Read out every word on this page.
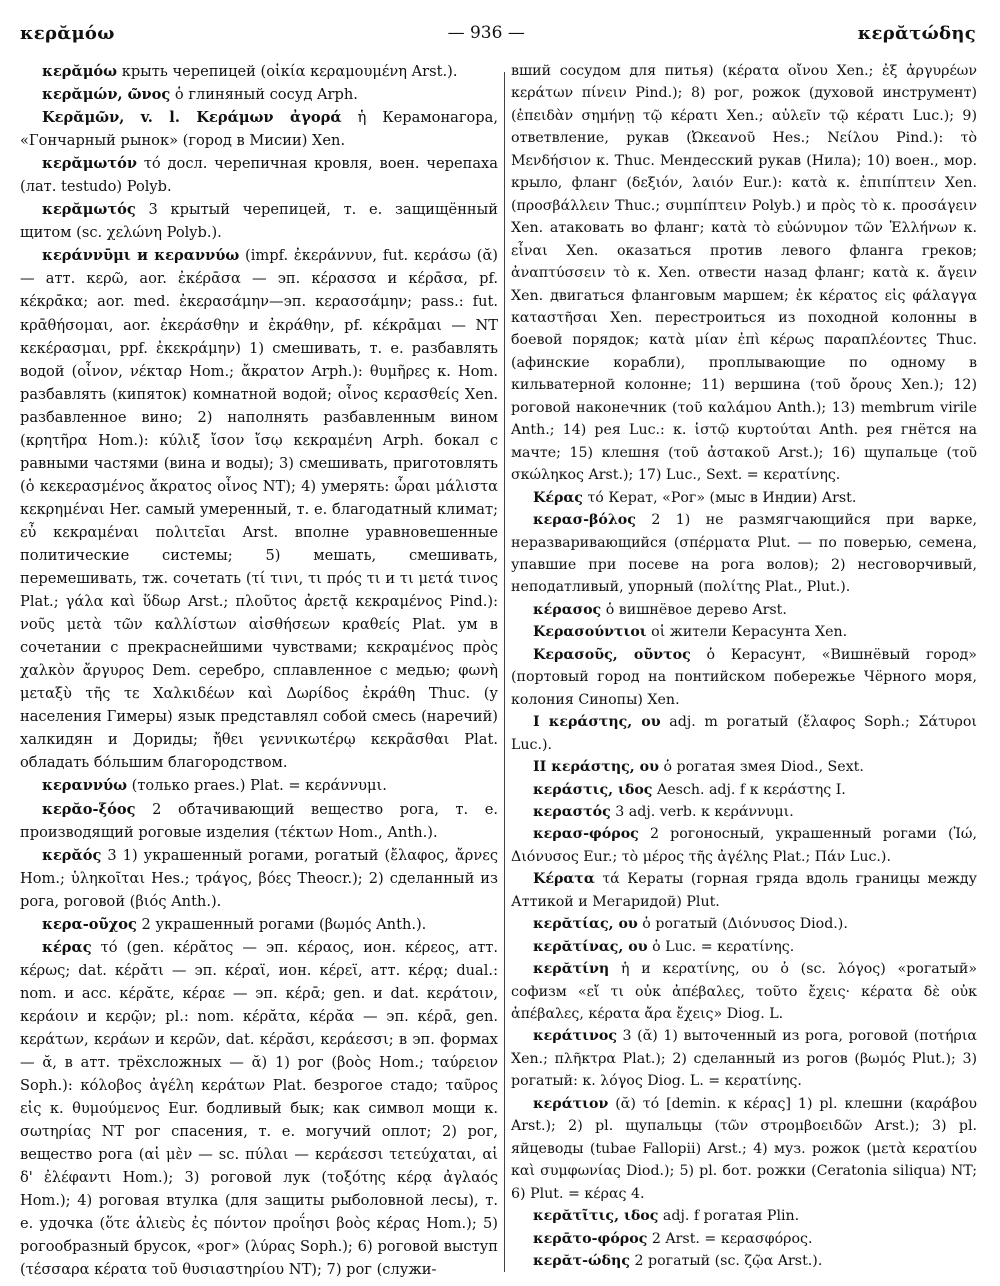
κερᾰμόω	— 936 —	κερᾰτώδης

κερᾰμόω крыть черепицей (οἰκία κεραμουμένη Arst.).

κερᾰμών, ῶνος ὁ глиняный сосуд Arph.

Κερᾰμῶν, v. l. Κεράμων ἀγορά ἡ Керамонагора, «Гончарный рынок» (город в Мисии) Xen.

κερᾰμωτόν τό досл. черепичная кровля, воен. черепаха (лат. testudo) Polyb.

κερᾰμωτός 3 крытый черепицей, т. е. защищённый щитом (sc. χελώνη Polyb.).

κεράννῡμι и κεραννύω (impf. ἐκεράννυν, fut. κεράσω (ᾰ) — атт. κερῶ, aor. ἐκέρᾱσα — эп. κέρασσα и κέρᾱσα, pf. κέκρᾱκα; aor. med. ἐκερασάμην—эп. κερασσάμην; pass.: fut. κρᾱθήσομαι, aor. ἐκεράσθην и ἐκράθην, pf. κέκρᾱμαι — NT κεκέρασμαι, ppf. ἐκεκράμην) 1) смешивать, т. е. разбавлять водой (οἶνον, νέκταρ Hom.; ἄκρατον Arph.): θυμῆρες κ. Hom. разбавлять (кипяток) комнатной водой; οἶνος κερασθείς Xen. разбавленное вино; 2) наполнять разбавленным вином (κρητῆρα Hom.): κύλιξ ἴσον ἴσῳ κεκραμένη Arph. бокал с равными частями (вина и воды); 3) смешивать, приготовлять (ὁ κεκερασμένος ἄκρατος οἶνος NT); 4) умерять: ὧραι μάλιστα κεκρημέναι Her. самый умеренный, т. е. благодатный климат; εὖ κεκραμέναι πολιτεῖαι Arst. вполне уравновешенные политические системы; 5) мешать, смешивать, перемешивать, тж. сочетать (τί τινι, τι πρός τι и τι μετά τινος Plat.; γάλα καὶ ὕδωρ Arst.; πλοῦτος ἀρετᾷ κεκραμένος Pind.): νοῦς μετὰ τῶν καλλίστων αἰσθήσεων κραθείς Plat. ум в сочетании с прекраснейшими чувствами; κεκραμένος πρὸς χαλκὸν ἄργυρος Dem. серебро, сплавленное с медью; φωνὴ μεταξὺ τῆς τε Χαλκιδέων καὶ Δωρίδος ἐκράθη Thuc. (у населения Гимеры) язык представлял собой смесь (наречий) халкидян и Дориды; ἤθει γεννικωτέρῳ κεκρᾶσθαι Plat. обладать бо́льшим благородством.

κεραννύω (только praes.) Plat. = κεράννυμι.

κερᾰο-ξόος 2 обтачивающий вещество рога, т. е. производящий роговые изделия (τέκτων Hom., Anth.).

κερᾰός 3 1) украшенный рогами, рогатый (ἔλαφος, ἄρνες Hom.; ὑληκοῖται Hes.; τράγος, βόες Theocr.); 2) сделанный из рога, роговой (βιός Anth.).

κερα-οῦχος 2 украшенный рогами (βωμός Anth.).

κέρας τό (gen. κέρᾰτος — эп. κέραος, ион. κέρεος, атт. κέρως; dat. κέρᾰτι — эп. κέραϊ, ион. κέρεϊ, атт. κέρᾳ; dual.: nom. и acc. κέρᾰτε, κέραε — эп. κέρᾱ; gen. и dat. κεράτοιν, κεράοιν и κερῷν; pl.: nom. κέρᾰτα, κέρᾰα — эп. κέρᾱ, gen. κεράτων, κεράων и κερῶν, dat. κέρᾰσι, κεράεσσι; в эп. формах — ᾰ, в атт. трёхсложных — ᾰ) 1) рог (βοὸς Hom.; ταύρειον Soph.): κόλοβος ἀγέλη κεράτων Plat. безрогое стадо; ταῦρος εἰς κ. θυμούμενος Eur. бодливый бык; как символ мощи κ. σωτηρίας NT рог спасения, т. е. могучий оплот; 2) рог, вещество рога (αἱ μὲν — sc. πύλαι — κεράεσσι τετεύχαται, αἱ δ' ἐλέφαντι Hom.); 3) роговой лук (τοξότης κέρᾳ ἀγλαός Hom.); 4) роговая втулка (для защиты рыболовной лесы), т. е. удочка (ὅτε ἁλιεὺς ἐς πόντον προΐησι βοὸς κέρας Hom.); 5) рогообразный брусок, «рог» (λύρας Soph.); 6) роговой выступ (τέσσαρα κέρατα τοῦ θυσιαστηρίου NT); 7) рог (служи-

вший сосудом для питья) (κέρατα οἴνου Xen.; ἐξ ἀργυρέων κεράτων πίνειν Pind.); 8) рог, рожок (духовой инструмент) (ἐπειδὰν σημήνῃ τῷ κέρατι Xen.; αὐλεῖν τῷ κέρατι Luc.); 9) ответвление, рукав (Ὠκεανοῦ Hes.; Νείλου Pind.): τὸ Μενδήσιον κ. Thuc. Мендесский рукав (Нила); 10) воен., мор. крыло, фланг (δεξιόν, λαιόν Eur.): κατὰ κ. ἐπιπίπτειν Xen. (προσβάλλειν Thuc.; συμπίπτειν Polyb.) и πρὸς τὸ κ. προσάγειν Xen. атаковать во фланг; κατὰ τὸ εὐώνυμον τῶν Ἑλλήνων κ. εἶναι Xen. оказаться против левого фланга греков; ἀναπτύσσειν τὸ κ. Xen. отвести назад фланг; κατὰ κ. ἄγειν Xen. двигаться фланговым маршем; ἐκ κέρατος εἰς φάλαγγα καταστῆσαι Xen. перестроиться из походной колонны в боевой порядок; κατὰ μίαν ἐπὶ κέρως παραπλέοντες Thuc. (афинские корабли), проплывающие по одному в кильватерной колонне; 11) вершина (τοῦ ὄρους Xen.); 12) роговой наконечник (τοῦ καλάμου Anth.); 13) membrum virile Anth.; 14) рея Luc.: κ. ἱστῷ κυρτούται Anth. рея гнётся на мачте; 15) клешня (τοῦ ἀστακοῦ Arst.); 16) щупальце (τοῦ σκώληκος Arst.); 17) Luc., Sext. = κερατίνης.

Κέρας τό Керат, «Рог» (мыс в Индии) Arst.

κερασ-βόλος 2 1) не размягчающийся при варке, неразваривающийся (σπέρματα Plut. — по поверью, семена, упавшие при посеве на рога волов); 2) несговорчивый, неподатливый, упорный (πολίτης Plat., Plut.).

κέρασος ὁ вишнёвое дерево Arst.

Κερασούντιοι οἱ жители Керасунта Xen.

Κερασοῦς, οῦντος ὁ Керасунт, «Вишнёвый город» (портовый город на понтийском побережье Чёрного моря, колония Синопы) Xen.

I κεράστης, ου adj. m рогатый (ἔλαφος Soph.; Σάτυροι Luc.).

II κεράστης, ου ὁ рогатая змея Diod., Sext.

κεράστις, ιδος Aesch. adj. f к κεράστης I.

κεραστός 3 adj. verb. к κεράννυμι.

κερασ-φόρος 2 рогоносный, украшенный рогами (Ἰώ, Διόνυσος Eur.; τὸ μέρος τῆς ἀγέλης Plat.; Πάν Luc.).

Κέρατα τά Кераты (горная гряда вдоль границы между Аттикой и Мегаридой) Plut.

κερᾰτίας, ου ὁ рогатый (Διόνυσος Diod.).

κερᾰτίνας, ου ὁ Luc. = κερατίνης.

κερᾰτίνη ἡ и κερατίνης, ου ὁ (sc. λόγος) «рогатый» софизм «εἴ τι οὐκ ἀπέβαλες, τοῦτο ἔχεις· κέρατα δὲ οὐκ ἀπέβαλες, κέρατα ἄρα ἔχεις» Diog. L.

κεράτινος 3 (ᾰ) 1) выточенный из рога, роговой (ποτήρια Xen.; πλῆκτρα Plat.); 2) сделанный из рогов (βωμός Plut.); 3) рогатый: κ. λόγος Diog. L. = κερατίνης.

κεράτιον (ᾰ) τό [demin. к κέρας] 1) pl. клешни (καράβου Arst.); 2) pl. щупальцы (τῶν στρομβοειδῶν Arst.); 3) pl. яйцеводы (tubae Fallopii) Arst.; 4) муз. рожок (μετὰ κερατίου καὶ συμφωνίας Diod.); 5) pl. бот. рожки (Ceratonia siliqua) NT; 6) Plut. = κέρας 4.

κερᾰτῖτις, ιδος adj. f рогатая Plin.

κερᾱτο-φόρος 2 Arst. = κερασφόρος.

κερᾰτ-ώδης 2 рогатый (sc. ζῷα Arst.).
